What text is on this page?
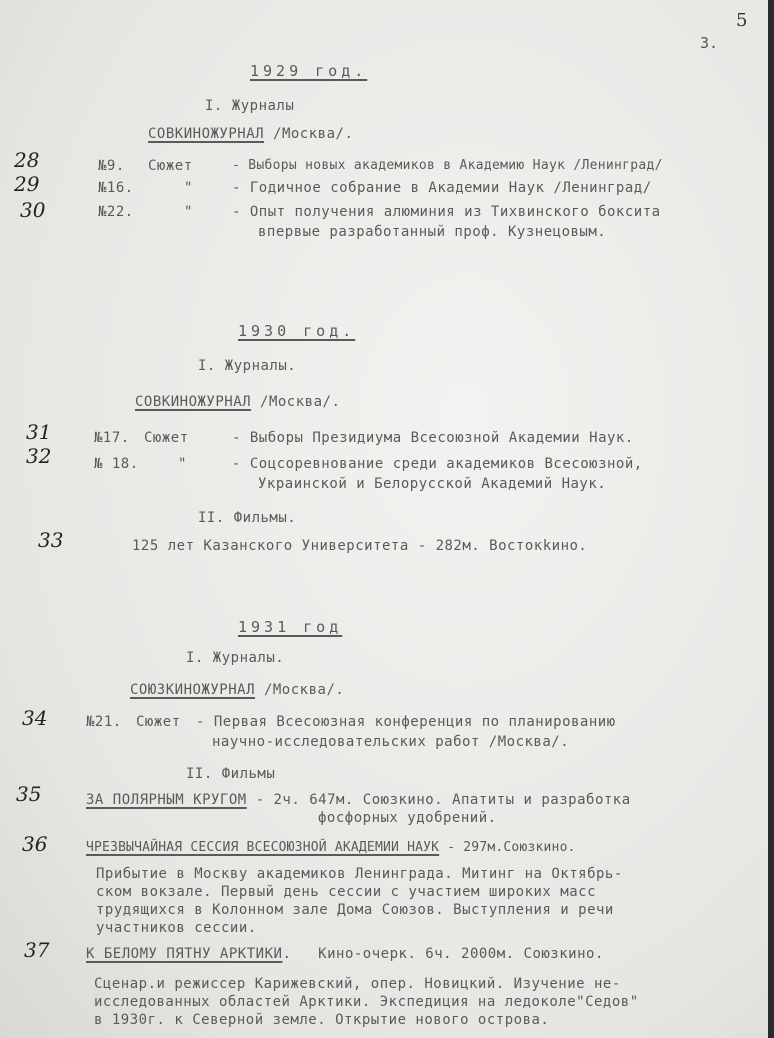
5
3.
1929 год.
I. Журналы
СОВКИНОЖУРНАЛ /Москва/.
28	№9. Сюжет	- Выборы новых академиков в Академию Наук /Ленинград/
29	№16.	"	- Годичное собрание в Академии Наук /Ленинград/
30	№22.	"	- Опыт получения алюминия из Тихвинского боксита
впервые разработанный проф. Кузнецовым.
1930 год.
I. Журналы.
СОВКИНОЖУРНАЛ /Москва/.
31	№17. Сюжет	- Выборы Президиума Всесоюзной Академии Наук.
32	№ 18.	"	- Соцсоревнование среди академиков Всесоюзной,
Украинской и Белорусской Академий Наук.
II. Фильмы.
33	125 лет Казанского Университета - 282м. Востокkино.
1931 год
I. Журналы.
СОЮЗКИНОЖУРНАЛ /Москва/.
34	№21. Сюжет - Первая Всесоюзная конференция по планированию
научно-исследовательских работ /Москва/.
II. Фильмы
35	ЗА ПОЛЯРНЫМ КРУГОМ - 2ч. 647м. Союзкино. Апатиты и разработка
фосфорных удобрений.
36	ЧРЕЗВЫЧАЙНАЯ СЕССИЯ ВСЕСОЮЗНОЙ АКАДЕМИИ НАУК - 297м.Союзкино.
Прибытие в Москву академиков Ленинграда. Митинг на Октябрь-
ском вокзале. Первый день сессии с участием широких масс
трудящихся в Колонном зале Дома Союзов. Выступления и речи
участников сессии.
37	К БЕЛОМУ ПЯТНУ АРКТИКИ.   Кино-очерк. 6ч. 2000м. Союзкино.
Сценар.и режиссер Карижевский, опер. Новицкий. Изучение не-
исследованных областей Арктики. Экспедиция на ледоколе"Седов"
в 1930г. к Северной земле. Открытие нового острова.
